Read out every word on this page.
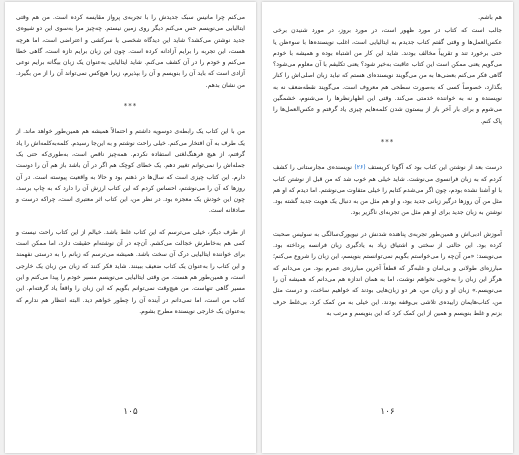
می‌کنم چرا مانیس سبک جدیدش را با تجربه‌ی پرواز مقایسه کرده است. من هم وقتی ایتالیایی می‌نویسم حس می‌کنم دیگر روی زمین نیستم. چه‌چیز مرا به‌سوی این دو شیوه‌ی جدید نوشتن می‌کشد؟ شاید این دیدگاه شخصی یا سرکشی و اعتراضی است، اما هرچه هست، این تجربه را برایم آزادانه کرده است. چون این زبان برایم تازه است، گاهی خطا می‌کنم و خودم را در آن کشف می‌کنم. شاید ایتالیایی به‌عنوان یک زبان بیگانه برایم نوعی آزادی است که باید آن را بنویسم و آن را بپذیرم، زیرا هیچ‌کس نمی‌تواند آن را از من بگیرد. من نشان بدهم.

***

من با این کتاب یک رابطه‌ی دوسویه داشتم و احتمالاً همیشه هم همین‌طور خواهد ماند. از یک طرف به آن افتخار می‌کنم. خیلی راحت نوشتم و به این‌جا رسیدم. کلمه‌به‌کلمه‌اش را یاد گرفتم، از هیچ فرهنگ‌لغتی استفاده نکردم. همه‌چیز ناقص است، به‌طوری‌که حتی یک جمله‌اش را نمی‌توانم تغییر دهم. یک خطای کوچک هم اگر در آن باشد باز هم آن را دوست دارم. این کتاب چیزی است که سال‌ها در ذهنم بود و حالا به واقعیت پیوسته است. در آن روزها که آن را می‌نوشتم، احساس کردم که این کتاب ارزش آن را دارد که به چاپ برسد، چون این خودش یک معجزه بود. در نظر من، این کتاب اثر معتبری است، چراکه درست و صادقانه است.

از طرف دیگر، خیلی می‌ترسم که این کتاب غلط باشد. خیالم از این کتاب راحت نیست و کمی هم به‌خاطرش خجالت می‌کشم. آن‌چه در آن نوشته‌ام حقیقت دارد، اما ممکن است برای خواننده ایتالیایی درک آن سخت باشد. همیشه می‌ترسم که زبانم را به درستی نفهمند و این کتاب را به‌عنوان یک کتاب ضعیف ببینند. شاید فکر کنند که زبان من زبان یک خارجی است، و همین‌طور هم هست. من وقتی ایتالیایی می‌نویسم مسیر خودم را پیدا می‌کنم و این مسیر گاهی تنهاست. من هیچ‌وقت نمی‌توانم بگویم که این زبان را واقعاً یاد گرفته‌ام. این کتاب من است، اما نمی‌دانم در آینده آن را چطور خواهم دید. البته انتظار هم ندارم که به‌عنوان یک خارجی نویسنده مطرح بشوم.

۱۰۵

هم باشم.

جالب است که کتاب در مورد ظهور است، در مورد بروز، در مورد شنیدن برخی عکس‌العمل‌ها و وقتی گفتم کتاب جدیدم به ایتالیایی است، اغلب نویسنده‌ها با سوءظن یا حتی برخورد تند و تقریباً مخالف بودند. شاید این کار من اشتباه بوده و همیشه با خودم می‌گویم یعنی ممکن است این کتاب عاقبت به‌خیر شود؟ یعنی تکلیفم با آن معلوم می‌شود؟ گاهی فکر می‌کنم بعضی‌ها به من می‌گویند نویسنده‌ای هستم که نباید زبان اصلی‌اش را کنار بگذارد، خصوصاً کسی که به‌صورت سطحی هم معروف است. می‌گویند نقطه‌ضعف نه به نویسنده و نه به خواننده خدمتی می‌کند. وقتی این اظهارنظرها را می‌شنوم، خشمگین می‌شوم و برای بار آخر باز از بیستون شدن کلمه‌هایم چیزی یاد گرفتم و عکس‌العمل‌ها را پاک کنم.

***

درست بعد از نوشتن این کتاب بود که آگوتا کریستف (۲۶) نویسنده‌ی مجارستانی را کشف کردم که به زبان فرانسوی می‌نوشت. شاید خیلی هم خوب شد که من قبل از نوشتن کتاب با او آشنا نشده بودم، چون اگر می‌شدم کتابم را خیلی متفاوت می‌نوشتم. اما دیدم که او هم مثل من آن روزها درگیر زبانی جدید بود، و او هم مثل من به دنبال یک هویت جدید گشته بود. نوشتن به زبان جدید برای او هم مثل من تجربه‌ای ناگزیر بود.

آموزش ادبی‌اش و همین‌طور تجربه‌ی پناهنده شدنش در نیویورک‌سالگی به سوئیس صحبت کرده بود. این حالتی از سختی و اشتیاق زیاد به یادگیری زبان فرانسه پرداخته بود. می‌نویسد: «من آن‌چه را می‌خواستم بگویم نمی‌توانستم بنویسم، این زبان را شروع می‌کنم؛ مبارزه‌ای طولانی و بی‌امان و غلبه‌گر که قطعاً آخرین مبارزه‌ی عمرم بود. من می‌دانم که هرگز این زبان را به‌خوبی نخواهم نوشت، اما به همان اندازه هم می‌دانم که همیشه آن را می‌نویسم.» زبان او و زبان من، هر دو زبان‌هایی بودند که خواهیم ساخت، و درست مثل من، کتاب‌هایمان زاییده‌ی تلاشی بی‌وقفه بودند. این خیلی به من کمک کرد. بی‌غلط حرف بزنم و غلط بنویسم و همین از این کمک کرد که این بنویسم و مرتب به

۱۰۶
